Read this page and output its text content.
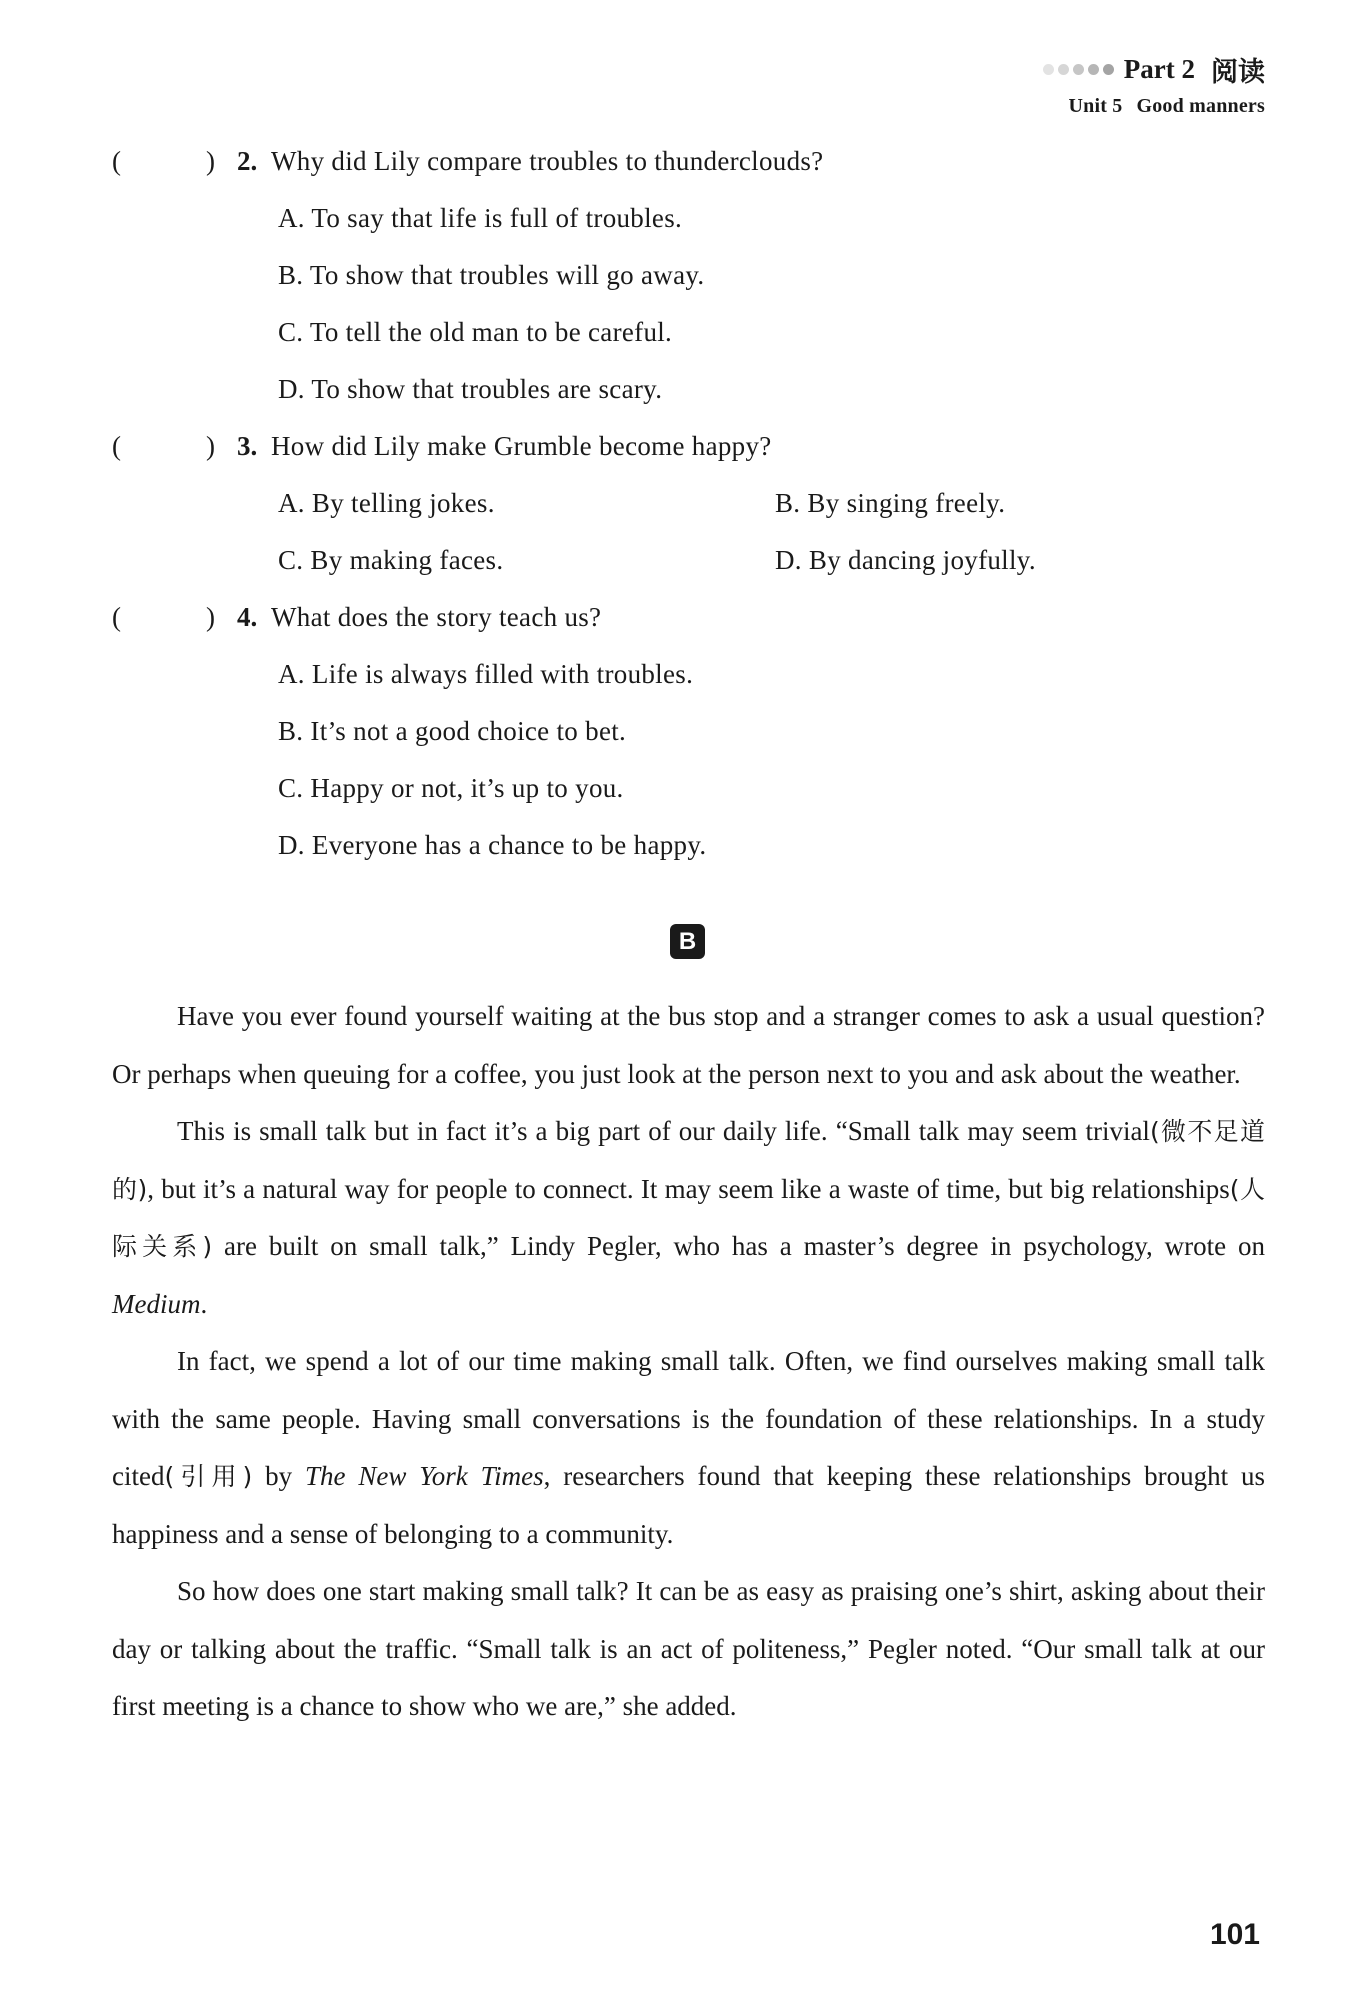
Part 2 阅读
Unit 5 Good manners
(	) 2. Why did Lily compare troubles to thunderclouds?
A. To say that life is full of troubles.
B. To show that troubles will go away.
C. To tell the old man to be careful.
D. To show that troubles are scary.
(	) 3. How did Lily make Grumble become happy?
A. By telling jokes.	B. By singing freely.
C. By making faces.	D. By dancing joyfully.
(	) 4. What does the story teach us?
A. Life is always filled with troubles.
B. It’s not a good choice to bet.
C. Happy or not, it’s up to you.
D. Everyone has a chance to be happy.
B

Have you ever found yourself waiting at the bus stop and a stranger comes to ask a usual question? Or perhaps when queuing for a coffee, you just look at the person next to you and ask about the weather.

This is small talk but in fact it’s a big part of our daily life. “Small talk may seem trivial(微不足道的), but it’s a natural way for people to connect. It may seem like a waste of time, but big relationships(人际关系) are built on small talk,” Lindy Pegler, who has a master’s degree in psychology, wrote on Medium.

In fact, we spend a lot of our time making small talk. Often, we find ourselves making small talk with the same people. Having small conversations is the foundation of these relationships. In a study cited(引用) by The New York Times, researchers found that keeping these relationships brought us happiness and a sense of belonging to a community.

So how does one start making small talk? It can be as easy as praising one’s shirt, asking about their day or talking about the traffic. “Small talk is an act of politeness,” Pegler noted. “Our small talk at our first meeting is a chance to show who we are,” she added.

101
